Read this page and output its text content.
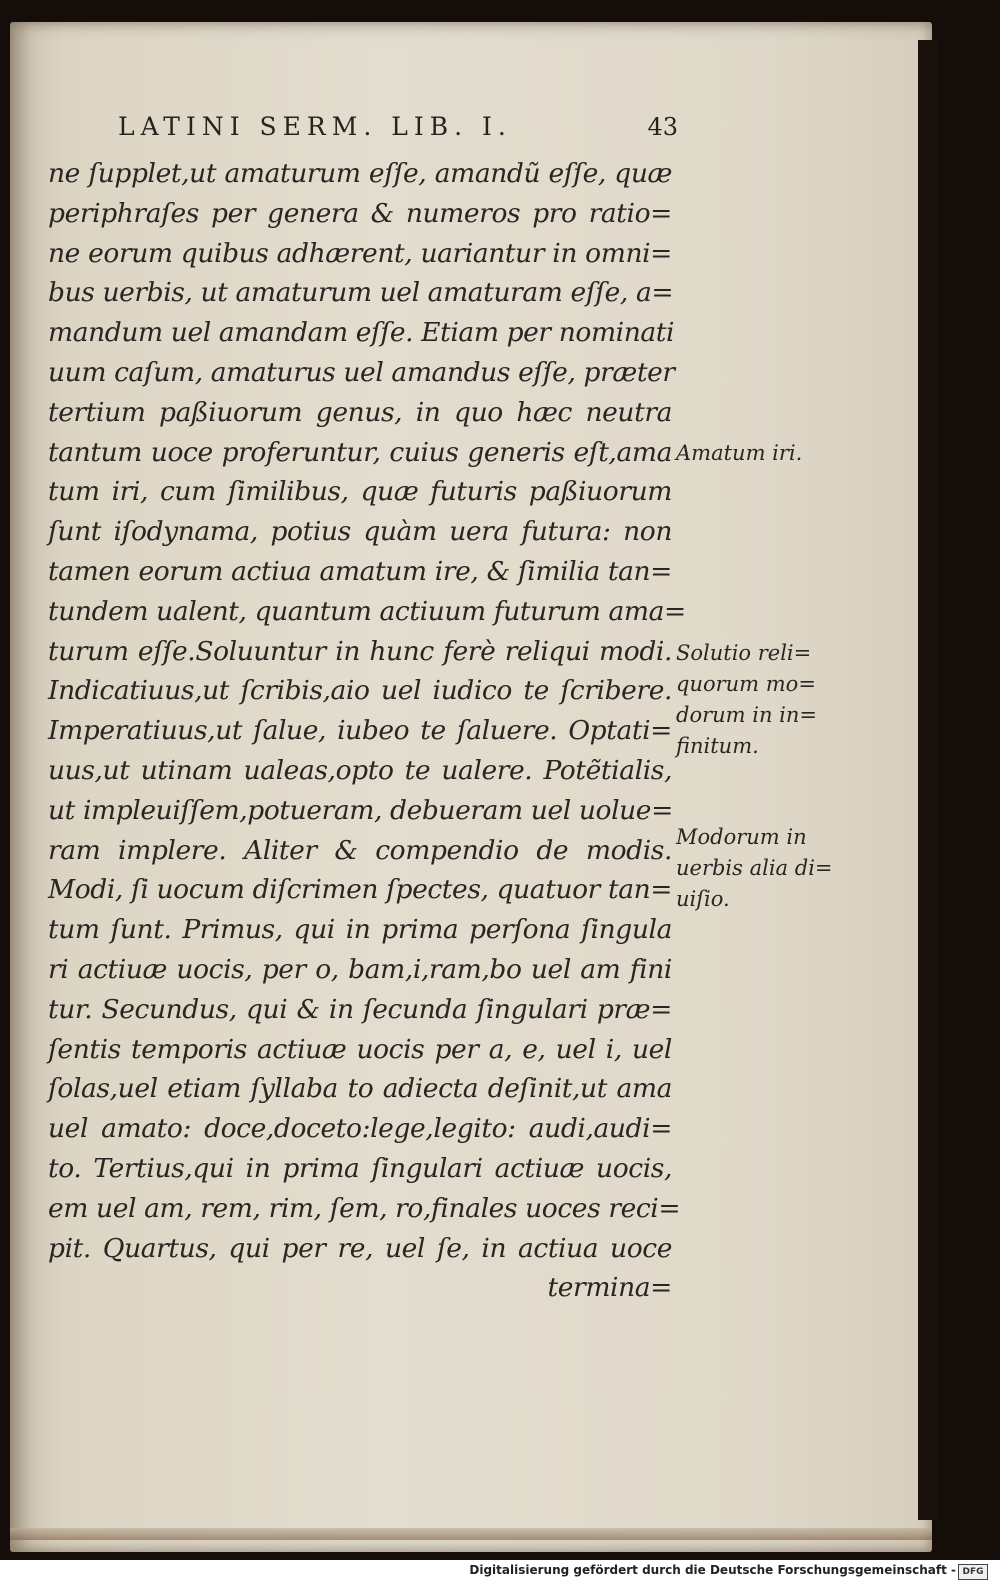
LATINI SERM. LIB. I.	43
ne ſupplet,ut amaturum eſſe, amandũ eſſe, quæ
periphraſes per genera & numeros pro ratio=
ne eorum quibus adhærent, uariantur in omni=
bus uerbis, ut amaturum uel amaturam eſſe, a=
mandum uel amandam eſſe. Etiam per nominati
uum caſum, amaturus uel amandus eſſe, præter
tertium paßiuorum genus, in quo hæc neutra
tantum uoce proferuntur, cuius generis eſt,ama
tum iri, cum ſimilibus, quæ futuris paßiuorum
ſunt iſodynama, potius quàm uera futura: non
tamen eorum actiua amatum ire, & ſimilia tan=
tundem ualent, quantum actiuum futurum ama=
turum eſſe.Soluuntur in hunc ferè reliqui modi.
Indicatiuus,ut ſcribis,aio uel iudico te ſcribere.
Imperatiuus,ut ſalue, iubeo te ſaluere. Optati=
uus,ut utinam ualeas,opto te ualere. Potẽtialis,
ut impleuiſſem,potueram, debueram uel uolue=
ram implere. Aliter & compendio de modis.
Modi, ſi uocum diſcrimen ſpectes, quatuor tan=
tum ſunt. Primus, qui in prima perſona ſingula
ri actiuæ uocis, per o, bam,i,ram,bo uel am fini
tur. Secundus, qui & in ſecunda ſingulari præ=
ſentis temporis actiuæ uocis per a, e, uel i, uel
ſolas,uel etiam ſyllaba to adiecta deſinit,ut ama
uel amato: doce,doceto:lege,legito: audi,audi=
to. Tertius,qui in prima ſingulari actiuæ uocis,
em uel am, rem, rim, ſem, ro,finales uoces reci=
pit. Quartus, qui per re, uel ſe, in actiua uoce
termina=
Amatum iri.
Solutio reli=
quorum mo=
dorum in in=
finitum.
Modorum in
uerbis alia di=
uiſio.
Digitalisierung gefördert durch die Deutsche Forschungsgemeinschaft - DFG
